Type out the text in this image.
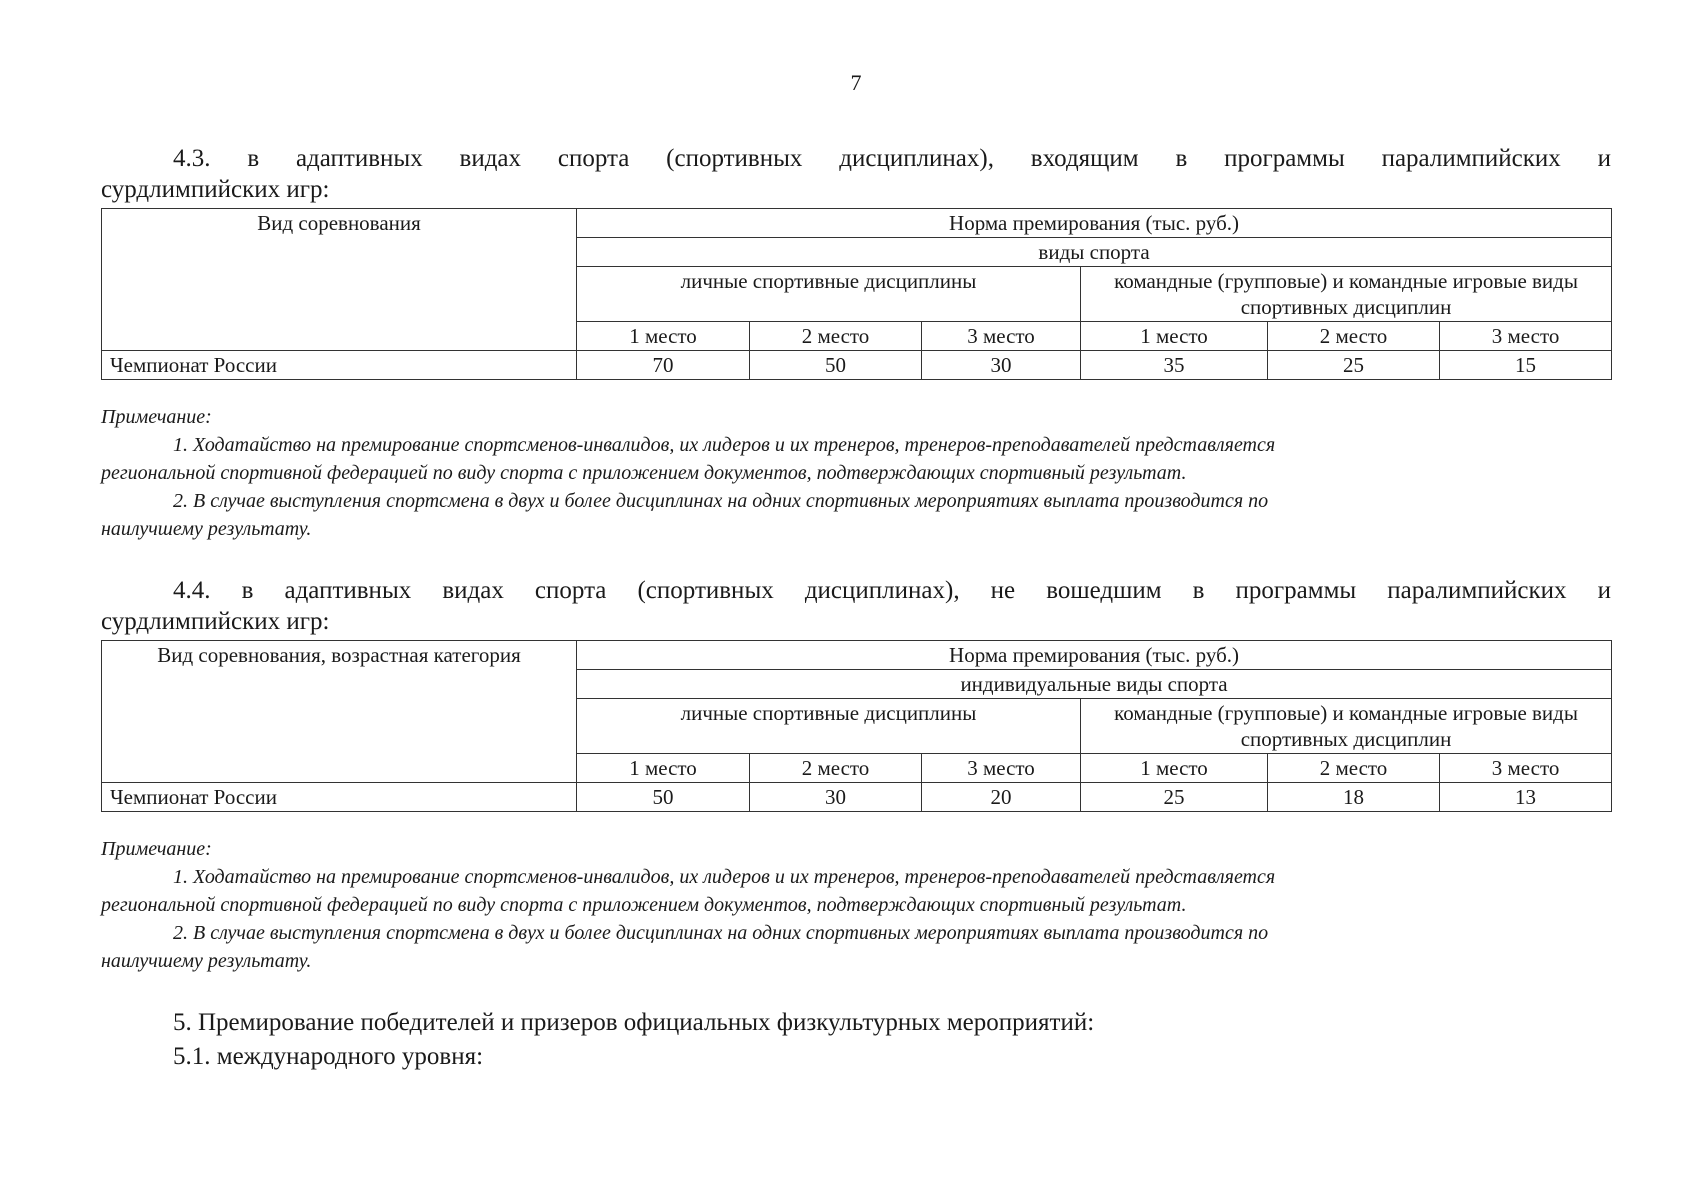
7
4.3. в адаптивных видах спорта (спортивных дисциплинах), входящим в программы паралимпийских и
сурдлимпийских игр:
Вид соревнования	Норма премирования (тыс. руб.)					
	виды спорта					
	личные спортивные дисциплины			командные (групповые) и командные игровые виды спортивных дисциплин		
	1 место	2 место	3 место	1 место	2 место	3 место
Чемпионат России	70	50	30	35	25	15
Примечание:
1. Ходатайство на премирование спортсменов-инвалидов, их лидеров и их тренеров, тренеров-преподавателей представляется
региональной спортивной федерацией по виду спорта с приложением документов, подтверждающих спортивный результат.
2. В случае выступления спортсмена в двух и более дисциплинах на одних спортивных мероприятиях выплата производится по
наилучшему результату.
4.4. в адаптивных видах спорта (спортивных дисциплинах), не вошедшим в программы паралимпийских и
сурдлимпийских игр:
Вид соревнования, возрастная категория	Норма премирования (тыс. руб.)					
	индивидуальные виды спорта					
	личные спортивные дисциплины			командные (групповые) и командные игровые виды спортивных дисциплин		
	1 место	2 место	3 место	1 место	2 место	3 место
Чемпионат России	50	30	20	25	18	13
Примечание:
1. Ходатайство на премирование спортсменов-инвалидов, их лидеров и их тренеров, тренеров-преподавателей представляется
региональной спортивной федерацией по виду спорта с приложением документов, подтверждающих спортивный результат.
2. В случае выступления спортсмена в двух и более дисциплинах на одних спортивных мероприятиях выплата производится по
наилучшему результату.
5. Премирование победителей и призеров официальных физкультурных мероприятий:
5.1. международного уровня:
